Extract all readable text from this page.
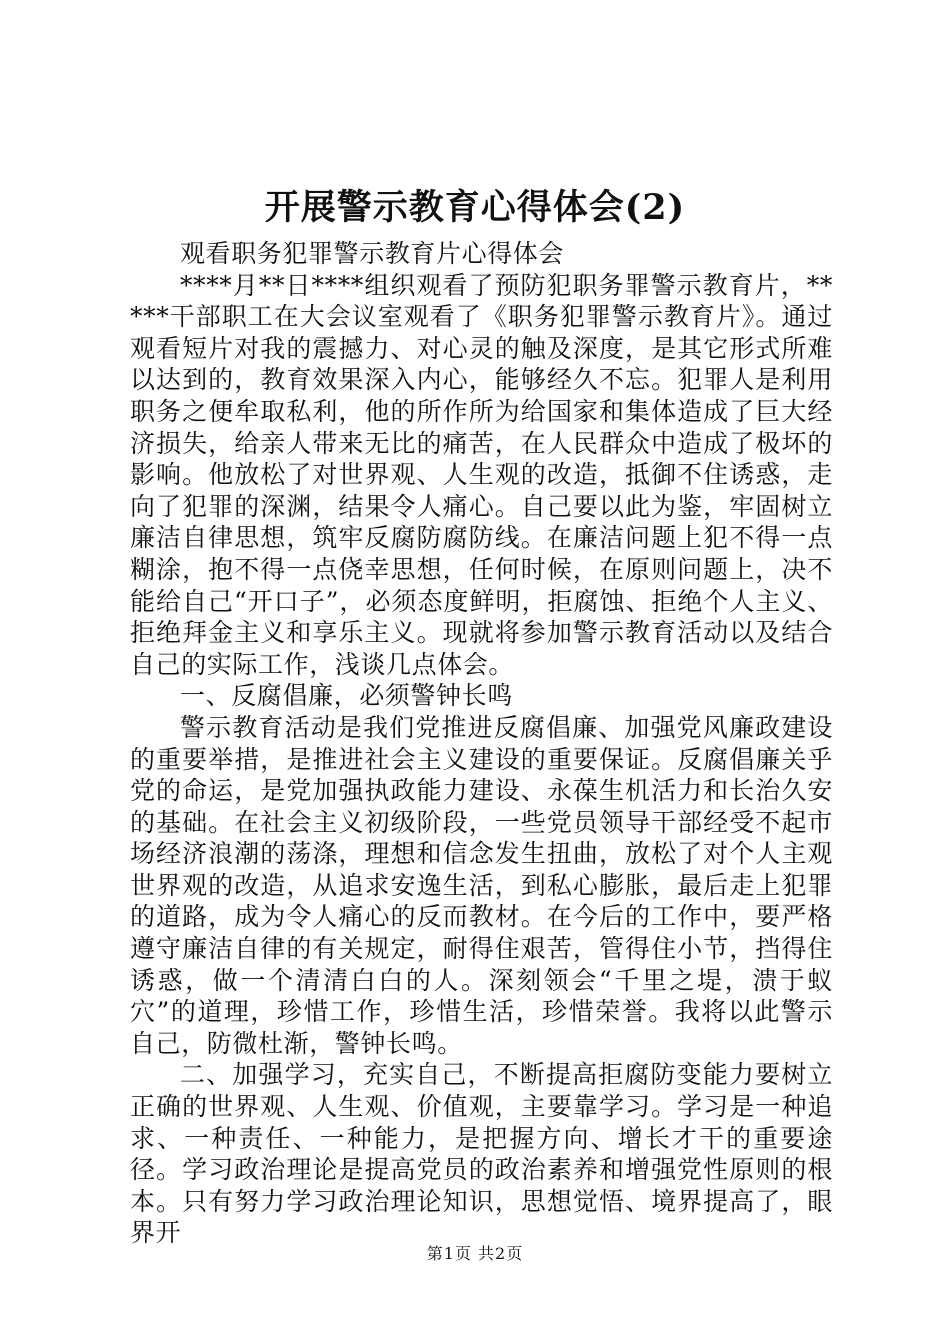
开展警示教育心得体会(2)

观看职务犯罪警示教育片心得体会

****月**日****组织观看了预防犯职务罪警示教育片，*****干部职工在大会议室观看了《职务犯罪警示教育片》。通过观看短片对我的震撼力、对心灵的触及深度，是其它形式所难以达到的，教育效果深入内心，能够经久不忘。犯罪人是利用职务之便牟取私利，他的所作所为给国家和集体造成了巨大经济损失，给亲人带来无比的痛苦，在人民群众中造成了极坏的影响。他放松了对世界观、人生观的改造，抵御不住诱惑，走向了犯罪的深渊，结果令人痛心。自己要以此为鉴，牢固树立廉洁自律思想，筑牢反腐防腐防线。在廉洁问题上犯不得一点糊涂，抱不得一点侥幸思想，任何时候，在原则问题上，决不能给自己“开口子”，必须态度鲜明，拒腐蚀、拒绝个人主义、拒绝拜金主义和享乐主义。现就将参加警示教育活动以及结合自己的实际工作，浅谈几点体会。

一、反腐倡廉，必须警钟长鸣

警示教育活动是我们党推进反腐倡廉、加强党风廉政建设的重要举措，是推进社会主义建设的重要保证。反腐倡廉关乎党的命运，是党加强执政能力建设、永葆生机活力和长治久安的基础。在社会主义初级阶段，一些党员领导干部经受不起市场经济浪潮的荡涤，理想和信念发生扭曲，放松了对个人主观世界观的改造，从追求安逸生活，到私心膨胀，最后走上犯罪的道路，成为令人痛心的反而教材。在今后的工作中，要严格遵守廉洁自律的有关规定，耐得住艰苦，管得住小节，挡得住诱惑，做一个清清白白的人。深刻领会“千里之堤，溃于蚁穴”的道理，珍惜工作，珍惜生活，珍惜荣誉。我将以此警示自己，防微杜渐，警钟长鸣。

二、加强学习，充实自己，不断提高拒腐防变能力要树立正确的世界观、人生观、价值观，主要靠学习。学习是一种追求、一种责任、一种能力，是把握方向、增长才干的重要途径。学习政治理论是提高党员的政治素养和增强党性原则的根本。只有努力学习政治理论知识，思想觉悟、境界提高了，眼界开

第1页 共2页
